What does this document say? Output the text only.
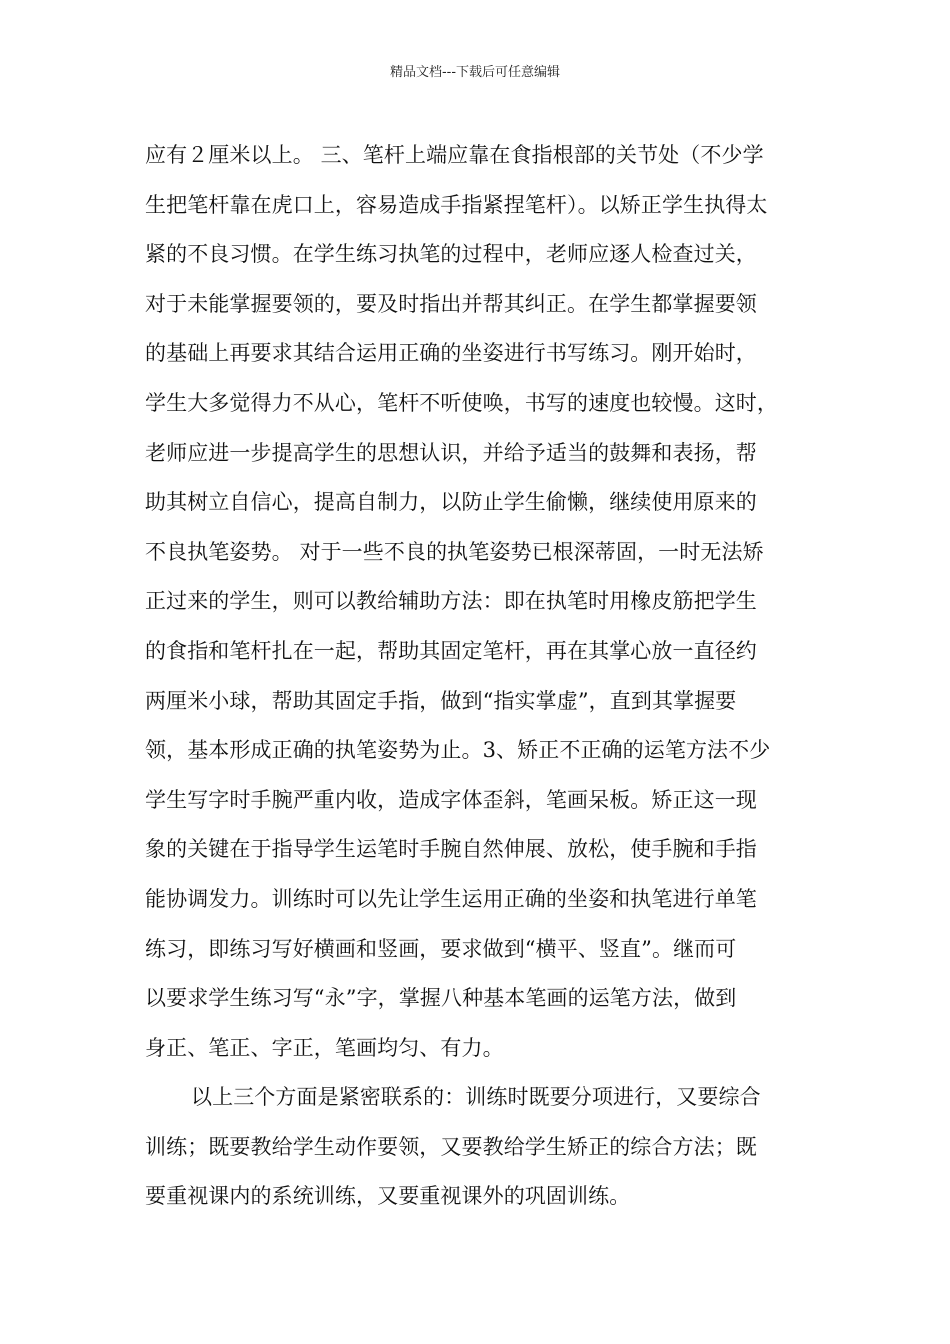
精品文档---下载后可任意编辑
应有２厘米以上。 三、笔杆上端应靠在食指根部的关节处（不少学
生把笔杆靠在虎口上，容易造成手指紧捏笔杆）。以矫正学生执得太
紧的不良习惯。在学生练习执笔的过程中，老师应逐人检查过关，
对于未能掌握要领的，要及时指出并帮其纠正。在学生都掌握要领
的基础上再要求其结合运用正确的坐姿进行书写练习。刚开始时，
学生大多觉得力不从心，笔杆不听使唤，书写的速度也较慢。这时，
老师应进一步提高学生的思想认识，并给予适当的鼓舞和表扬，帮
助其树立自信心，提高自制力，以防止学生偷懒，继续使用原来的
不良执笔姿势。 对于一些不良的执笔姿势已根深蒂固，一时无法矫
正过来的学生，则可以教给辅助方法：即在执笔时用橡皮筋把学生
的食指和笔杆扎在一起，帮助其固定笔杆，再在其掌心放一直径约
两厘米小球，帮助其固定手指，做到“指实掌虚”，直到其掌握要
领，基本形成正确的执笔姿势为止。3、矫正不正确的运笔方法不少
学生写字时手腕严重内收，造成字体歪斜，笔画呆板。矫正这一现
象的关键在于指导学生运笔时手腕自然伸展、放松，使手腕和手指
能协调发力。训练时可以先让学生运用正确的坐姿和执笔进行单笔
练习，即练习写好横画和竖画，要求做到“横平、竖直”。继而可
以要求学生练习写“永”字，掌握八种基本笔画的运笔方法，做到
身正、笔正、字正，笔画均匀、有力。
以上三个方面是紧密联系的：训练时既要分项进行，又要综合
训练；既要教给学生动作要领，又要教给学生矫正的综合方法；既
要重视课内的系统训练，又要重视课外的巩固训练。
